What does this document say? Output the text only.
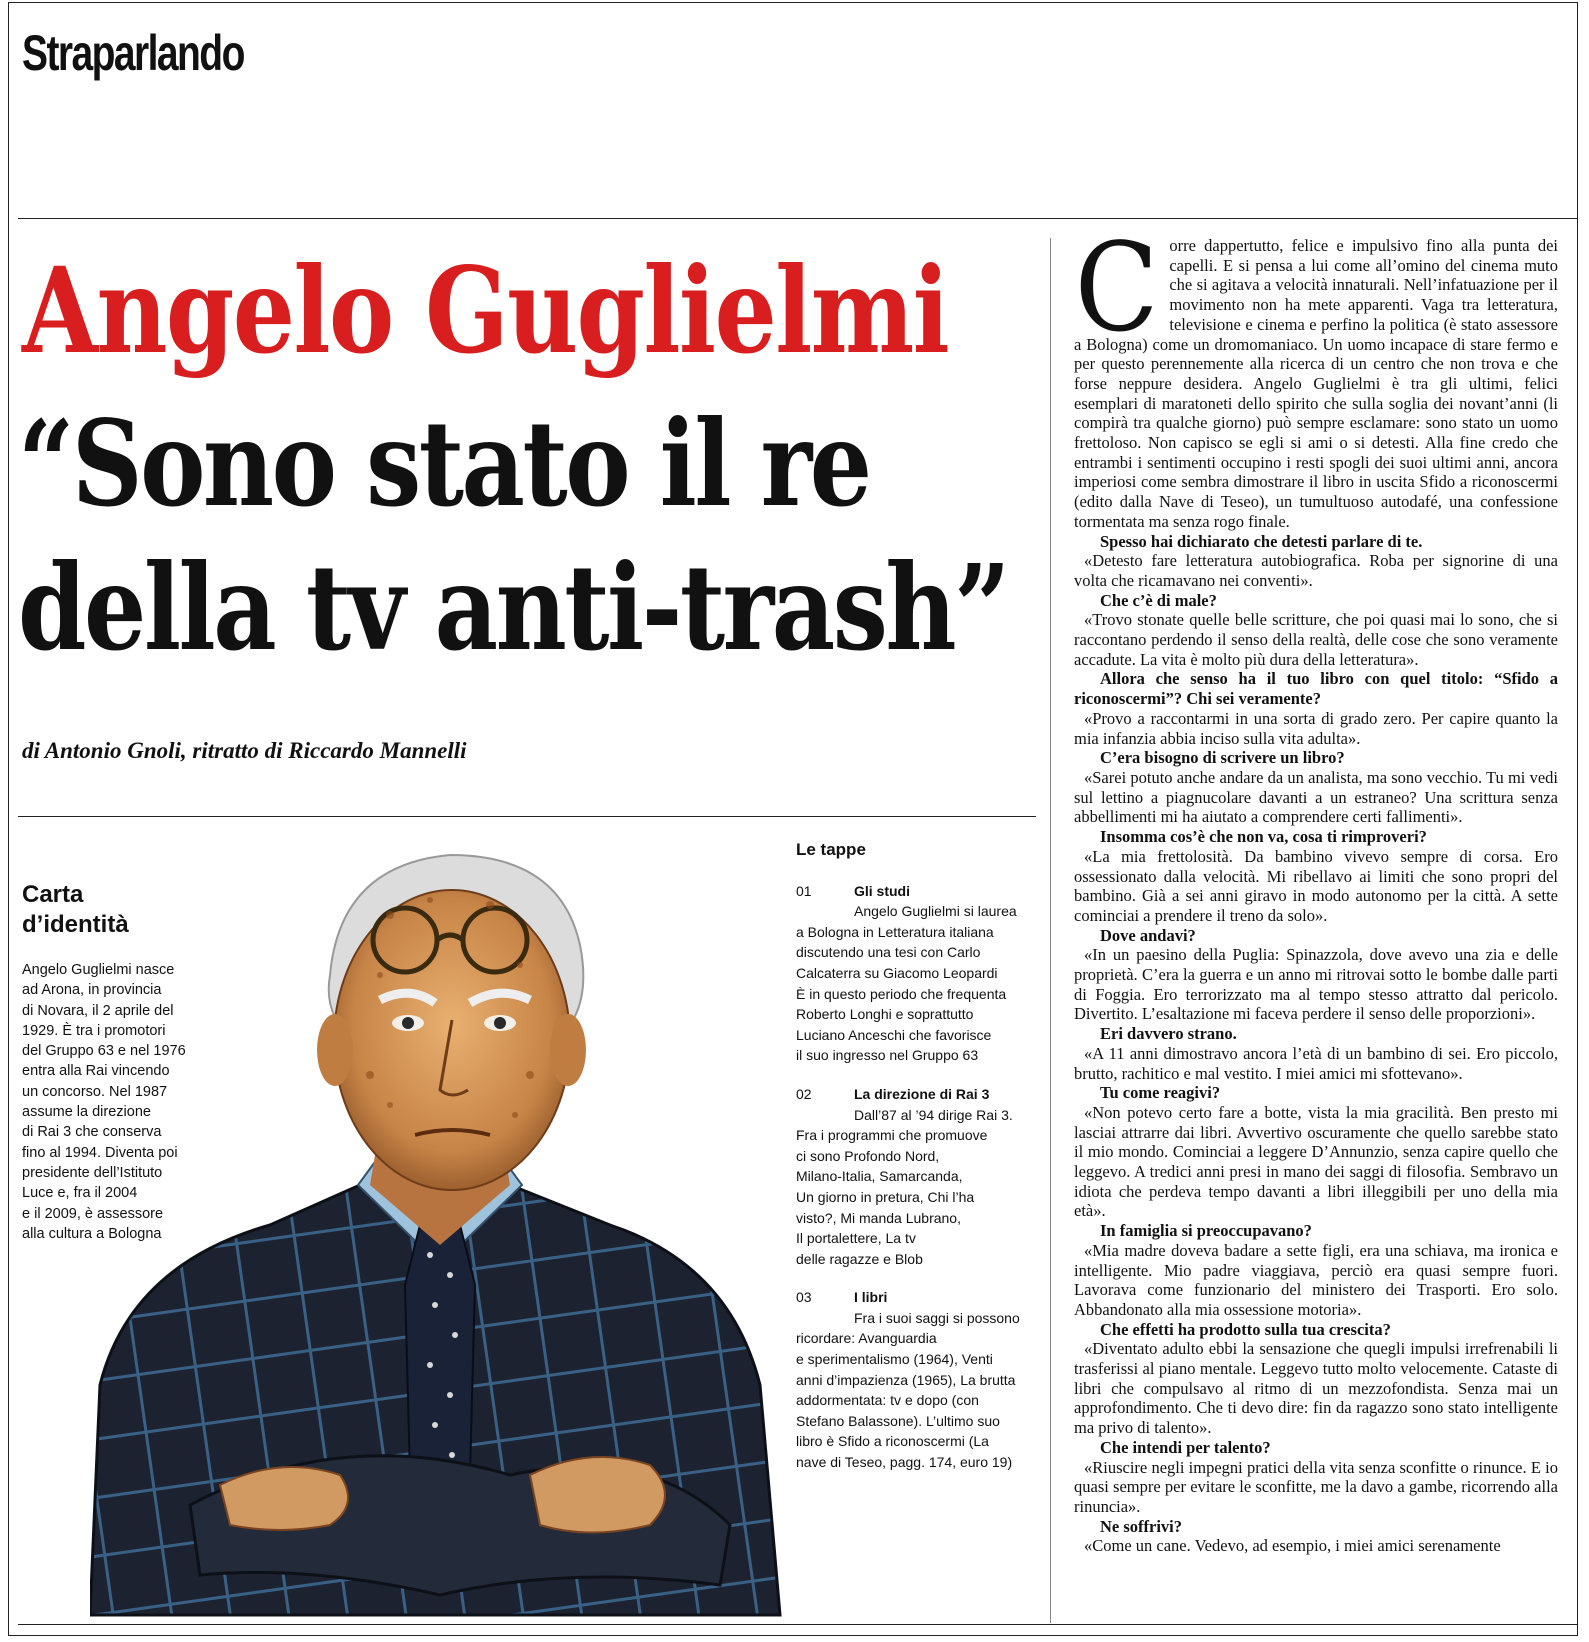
Straparlando
Angelo Guglielmi
“Sono stato il re
della tv anti-trash”

di Antonio Gnoli, ritratto di Riccardo Mannelli

Carta
d’identità

Angelo Guglielmi nasce
ad Arona, in provincia
di Novara, il 2 aprile del
1929. È tra i promotori
del Gruppo 63 e nel 1976
entra alla Rai vincendo
un concorso. Nel 1987
assume la direzione
di Rai 3 che conserva
fino al 1994. Diventa poi
presidente dell’Istituto
Luce e, fra il 2004
e il 2009, è assessore
alla cultura a Bologna

Le tappe

01	Gli studi

Angelo Guglielmi si laurea
a Bologna in Letteratura italiana
discutendo una tesi con Carlo
Calcaterra su Giacomo Leopardi
È in questo periodo che frequenta
Roberto Longhi e soprattutto
Luciano Anceschi che favorisce
il suo ingresso nel Gruppo 63

02	La direzione di Rai 3

Dall’87 al ’94 dirige Rai 3.
Fra i programmi che promuove
ci sono Profondo Nord,
Milano-Italia, Samarcanda,
Un giorno in pretura, Chi l’ha
visto?, Mi manda Lubrano,
Il portalettere, La tv
delle ragazze e Blob

03	I libri

Fra i suoi saggi si possono
ricordare: Avanguardia
e sperimentalismo (1964), Venti
anni d’impazienza (1965), La brutta
addormentata: tv e dopo (con
Stefano Balassone). L’ultimo suo
libro è Sfido a riconoscermi (La
nave di Teseo, pagg. 174, euro 19)

Corre dappertutto, felice e impulsivo fino alla punta dei capelli. E si pensa a lui come all’omino del cinema muto che si agitava a velocità innaturali. Nell’infatuazione per il movimento non ha mete apparenti. Vaga tra letteratura, televisione e cinema e perfino la politica (è stato assessore a Bologna) come un dromomaniaco. Un uomo incapace di stare fermo e per questo perennemente alla ricerca di un centro che non trova e che forse neppure desidera. Angelo Guglielmi è tra gli ultimi, felici esemplari di maratoneti dello spirito che sulla soglia dei novant’anni (li compirà tra qualche giorno) può sempre esclamare: sono stato un uomo frettoloso. Non capisco se egli si ami o si detesti. Alla fine credo che entrambi i sentimenti occupino i resti spogli dei suoi ultimi anni, ancora imperiosi come sembra dimostrare il libro in uscita Sfido a riconoscermi (edito dalla Nave di Teseo), un tumultuoso autodafé, una confessione tormentata ma senza rogo finale.

Spesso hai dichiarato che detesti parlare di te.

«Detesto fare letteratura autobiografica. Roba per signorine di una volta che ricamavano nei conventi».

Che c’è di male?

«Trovo stonate quelle belle scritture, che poi quasi mai lo sono, che si raccontano perdendo il senso della realtà, delle cose che sono veramente accadute. La vita è molto più dura della letteratura».

Allora che senso ha il tuo libro con quel titolo: “Sfido a riconoscermi”? Chi sei veramente?

«Provo a raccontarmi in una sorta di grado zero. Per capire quanto la mia infanzia abbia inciso sulla vita adulta».

C’era bisogno di scrivere un libro?

«Sarei potuto anche andare da un analista, ma sono vecchio. Tu mi vedi sul lettino a piagnucolare davanti a un estraneo? Una scrittura senza abbellimenti mi ha aiutato a comprendere certi fallimenti».

Insomma cos’è che non va, cosa ti rimproveri?

«La mia frettolosità. Da bambino vivevo sempre di corsa. Ero ossessionato dalla velocità. Mi ribellavo ai limiti che sono propri del bambino. Già a sei anni giravo in modo autonomo per la città. A sette cominciai a prendere il treno da solo».

Dove andavi?

«In un paesino della Puglia: Spinazzola, dove avevo una zia e delle proprietà. C’era la guerra e un anno mi ritrovai sotto le bombe dalle parti di Foggia. Ero terrorizzato ma al tempo stesso attratto dal pericolo. Divertito. L’esaltazione mi faceva perdere il senso delle proporzioni».

Eri davvero strano.

«A 11 anni dimostravo ancora l’età di un bambino di sei. Ero piccolo, brutto, rachitico e mal vestito. I miei amici mi sfottevano».

Tu come reagivi?

«Non potevo certo fare a botte, vista la mia gracilità. Ben presto mi lasciai attrarre dai libri. Avvertivo oscuramente che quello sarebbe stato il mio mondo. Cominciai a leggere D’Annunzio, senza capire quello che leggevo. A tredici anni presi in mano dei saggi di filosofia. Sembravo un idiota che perdeva tempo davanti a libri illeggibili per uno della mia età».

In famiglia si preoccupavano?

«Mia madre doveva badare a sette figli, era una schiava, ma ironica e intelligente. Mio padre viaggiava, perciò era quasi sempre fuori. Lavorava come funzionario del ministero dei Trasporti. Ero solo. Abbandonato alla mia ossessione motoria».

Che effetti ha prodotto sulla tua crescita?

«Diventato adulto ebbi la sensazione che quegli impulsi irrefrenabili li trasferissi al piano mentale. Leggevo tutto molto velocemente. Cataste di libri che compulsavo al ritmo di un mezzofondista. Senza mai un approfondimento. Che ti devo dire: fin da ragazzo sono stato intelligente ma privo di talento».

Che intendi per talento?

«Riuscire negli impegni pratici della vita senza sconfitte o rinunce. E io quasi sempre per evitare le sconfitte, me la davo a gambe, ricorrendo alla rinuncia».

Ne soffrivi?

«Come un cane. Vedevo, ad esempio, i miei amici serenamente
